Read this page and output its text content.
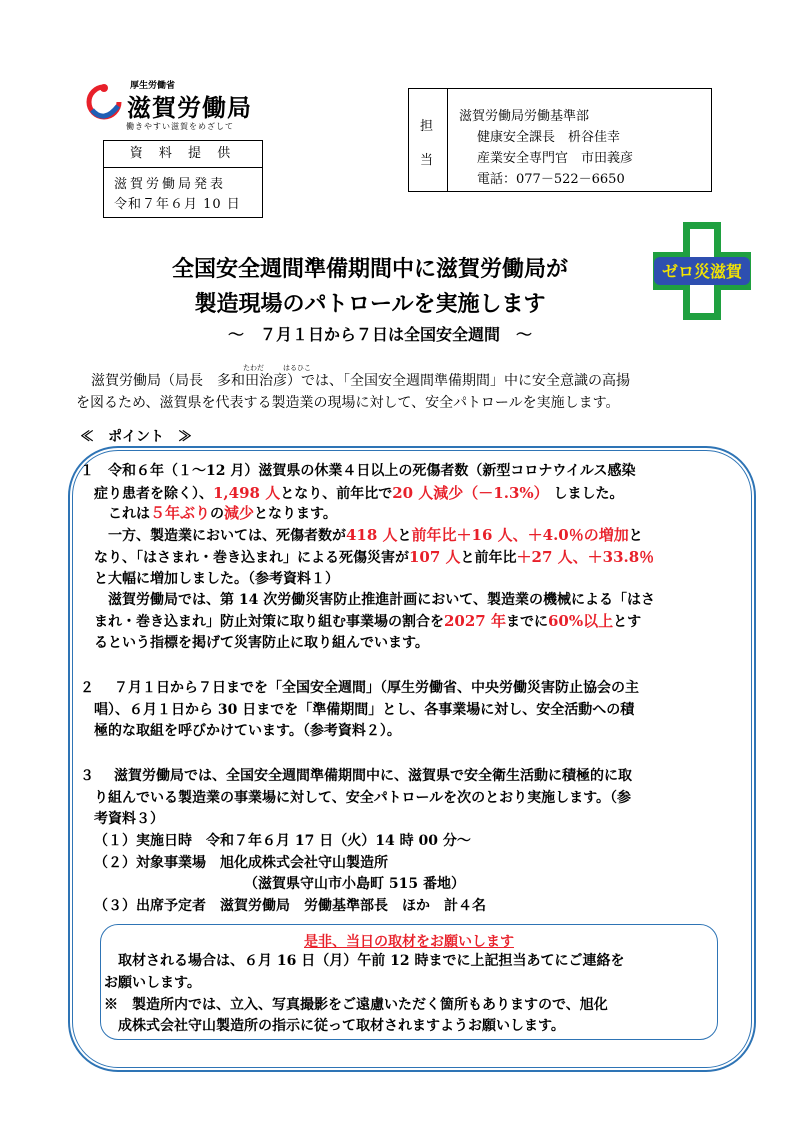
厚生労働省
滋賀労働局
働きやすい滋賀をめざして
資 料 提 供
滋賀労働局発表
令和７年６月 10 日
担
当
滋賀労働局労働基準部
健康安全課長　枡谷佳幸
産業安全専門官　市田義彦
電話：077－522－6650
ゼロ災滋賀
全国安全週間準備期間中に滋賀労働局が
製造現場のパトロールを実施します
～　７月１日から７日は全国安全週間　～
たわだ	はるひこ
滋賀労働局（局長　多和田治彦）では、「全国安全週間準備期間」中に安全意識の高揚
を図るため、滋賀県を代表する製造業の現場に対して、安全パトロールを実施します。
≪　ポイント　≫
１ 令和６年（１～12 月）滋賀県の休業４日以上の死傷者数（新型コロナウイルス感染
症り患者を除く）、1,498 人となり、前年比で20 人減少（－1.3%） しました。
これは５年ぶりの減少となります。
一方、製造業においては、死傷者数が418 人と前年比＋16 人、＋4.0％の増加と
なり、「はさまれ・巻き込まれ」による死傷災害が107 人と前年比＋27 人、＋33.8％
と大幅に増加しました。（参考資料１）
滋賀労働局では、第 14 次労働災害防止推進計画において、製造業の機械による「はさ
まれ・巻き込まれ」防止対策に取り組む事業場の割合を2027 年までに60%以上とす
るという指標を掲げて災害防止に取り組んでいます。
２ ７月１日から７日までを「全国安全週間」（厚生労働省、中央労働災害防止協会の主
唱）、６月１日から 30 日までを「準備期間」とし、各事業場に対し、安全活動への積
極的な取組を呼びかけています。（参考資料２）。
３ 滋賀労働局では、全国安全週間準備期間中に、滋賀県で安全衛生活動に積極的に取
り組んでいる製造業の事業場に対して、安全パトロールを次のとおり実施します。（参
考資料３）
（１）実施日時　令和７年６月 17 日（火）14 時 00 分～
（２）対象事業場　旭化成株式会社守山製造所
（滋賀県守山市小島町 515 番地）
（３）出席予定者　滋賀労働局　労働基準部長　ほか　計４名
是非、当日の取材をお願いします
取材される場合は、６月 16 日（月）午前 12 時までに上記担当あてにご連絡を
お願いします。
※　製造所内では、立入、写真撮影をご遠慮いただく箇所もありますので、旭化
成株式会社守山製造所の指示に従って取材されますようお願いします。
